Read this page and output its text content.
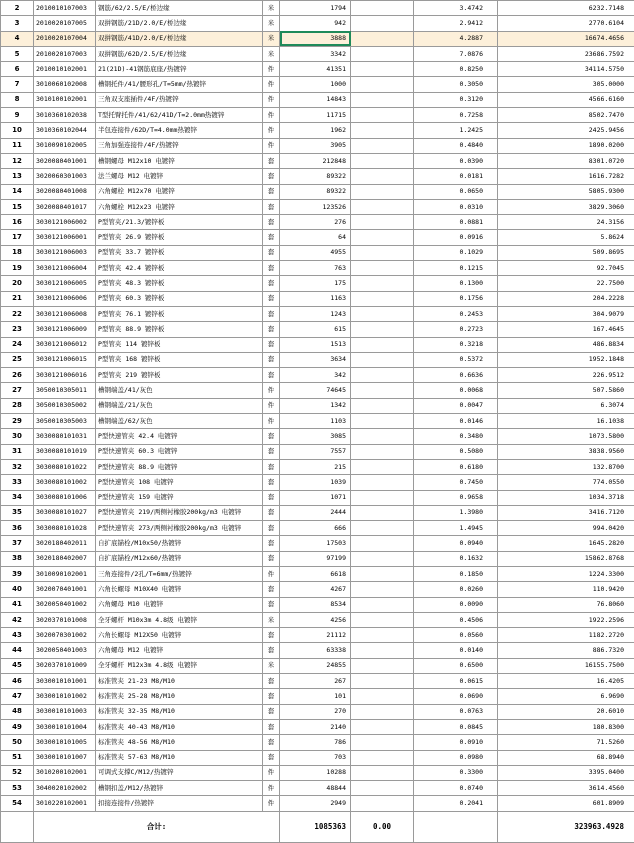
2	2010010107003	钢筋/62/2.5/E/桥边缘	米	1794		3.4742	6232.7148
3	2010020107005	双拼钢筋/21D/2.0/E/桥边缘	米	942		2.9412	2770.6104
4	2010020107004	双拼钢筋/41D/2.0/E/桥边缘	米	3888		4.2887	16674.4656
5	2010020107003	双拼钢筋/62D/2.5/E/桥边缘	米	3342		7.0876	23686.7592
6	2010010102001	21(21D)-41钢筋底座/热镀锌	件	41351		0.8250	34114.5750
7	3010060102008	槽钢托件/41/腰形孔/T=5mm/热镀锌	件	1000		0.3050	305.0000
8	3010100102001	三角双支座插件/4F/热镀锌	件	14843		0.3120	4566.6160
9	3010360102038	T型托臂托件/41/62/41D/T=2.0mm热镀锌	件	11715		0.7258	8502.7470
10	3010360102044	半包连接件/62D/T=4.0mm热镀锌	件	1962		1.2425	2425.9456
11	3010090102005	三角加强连接件/4F/热镀锌	件	3905		0.4840	1890.0200
12	3020080401001	槽钢螺母 M12x10 电镀锌	套	212848		0.0390	8301.0720
13	3020060301003	法兰螺母 M12 电镀锌	套	89322		0.0181	1616.7282
14	3020080401008	六角螺栓 M12x70 电镀锌	套	89322		0.0650	5805.9300
15	3020080401017	六角螺栓 M12x23 电镀锌	套	123526		0.0310	3829.3060
16	3030121006002	P型管夹/21.3/镀锌板	套	276		0.0881	24.3156
17	3030121006001	P型管夹 26.9 镀锌板	套	64		0.0916	5.8624
18	3030121006003	P型管夹 33.7 镀锌板	套	4955		0.1029	509.8695
19	3030121006004	P型管夹 42.4 镀锌板	套	763		0.1215	92.7045
20	3030121006005	P型管夹 48.3 镀锌板	套	175		0.1300	22.7500
21	3030121006006	P型管夹 60.3 镀锌板	套	1163		0.1756	204.2228
22	3030121006008	P型管夹 76.1 镀锌板	套	1243		0.2453	304.9079
23	3030121006009	P型管夹 88.9 镀锌板	套	615		0.2723	167.4645
24	3030121006012	P型管夹 114 镀锌板	套	1513		0.3218	486.8834
25	3030121006015	P型管夹 168 镀锌板	套	3634		0.5372	1952.1848
26	3030121006016	P型管夹 219 镀锌板	套	342		0.6636	226.9512
27	3050010305011	槽钢端盖/41/灰色	件	74645		0.0068	507.5860
28	3050010305002	槽钢端盖/21/灰色	件	1342		0.0047	6.3074
29	3050010305003	槽钢端盖/62/灰色	件	1103		0.0146	16.1038
30	3030080101031	P型快速管夹 42.4 电镀锌	套	3085		0.3480	1073.5800
31	3030080101019	P型快速管夹 60.3 电镀锌	套	7557		0.5080	3838.9560
32	3030080101022	P型快速管夹 88.9 电镀锌	套	215		0.6180	132.8700
33	3030080101002	P型快速管夹 108 电镀锌	套	1039		0.7450	774.0550
34	3030080101006	P型快速管夹 159 电镀锌	套	1071		0.9658	1034.3718
35	3030080101027	P型快速管夹 219/两侧衬橡胶200kg/m3 电镀锌	套	2444		1.3980	3416.7120
36	3030080101028	P型快速管夹 273/两侧衬橡胶200kg/m3 电镀锌	套	666		1.4945	994.0420
37	3020180402011	自扩底锚栓/M10x50/热镀锌	套	17503		0.0940	1645.2820
38	3020180402007	自扩底锚栓/M12x60/热镀锌	套	97199		0.1632	15862.8768
39	3010090102001	三角连接件/2孔/T=6mm/热镀锌	件	6618		0.1850	1224.3300
40	3020070401001	六角长螺母 M10X40 电镀锌	套	4267		0.0260	110.9420
41	3020050401002	六角螺母 M10 电镀锌	套	8534		0.0090	76.8060
42	3020370101008	全牙螺杆 M10x3m 4.8级 电镀锌	米	4256		0.4506	1922.2596
43	3020070301002	六角长螺母 M12X50 电镀锌	套	21112		0.0560	1182.2720
44	3020050401003	六角螺母 M12 电镀锌	套	63338		0.0140	886.7320
45	3020370101009	全牙螺杆 M12x3m 4.8级 电镀锌	米	24855		0.6500	16155.7500
46	3030010101001	标准管夹 21-23 M8/M10	套	267		0.0615	16.4205
47	3030010101002	标准管夹 25-28 M8/M10	套	101		0.0690	6.9690
48	3030010101003	标准管夹 32-35 M8/M10	套	270		0.0763	20.6010
49	3030010101004	标准管夹 40-43 M8/M10	套	2140		0.0845	180.8300
50	3030010101005	标准管夹 48-56 M8/M10	套	786		0.0910	71.5260
51	3030010101007	标准管夹 57-63 M8/M10	套	703		0.0980	68.8940
52	3010200102001	可调式支撑C/M12/热镀锌	件	10288		0.3300	3395.0400
53	3040020102002	槽钢扣盖/M12/热镀锌	件	48844		0.0740	3614.4560
54	3010220102001	扣接连接件/热镀锌	件	2949		0.2041	601.8909
	合计:			1085363	0.00		323963.4928
